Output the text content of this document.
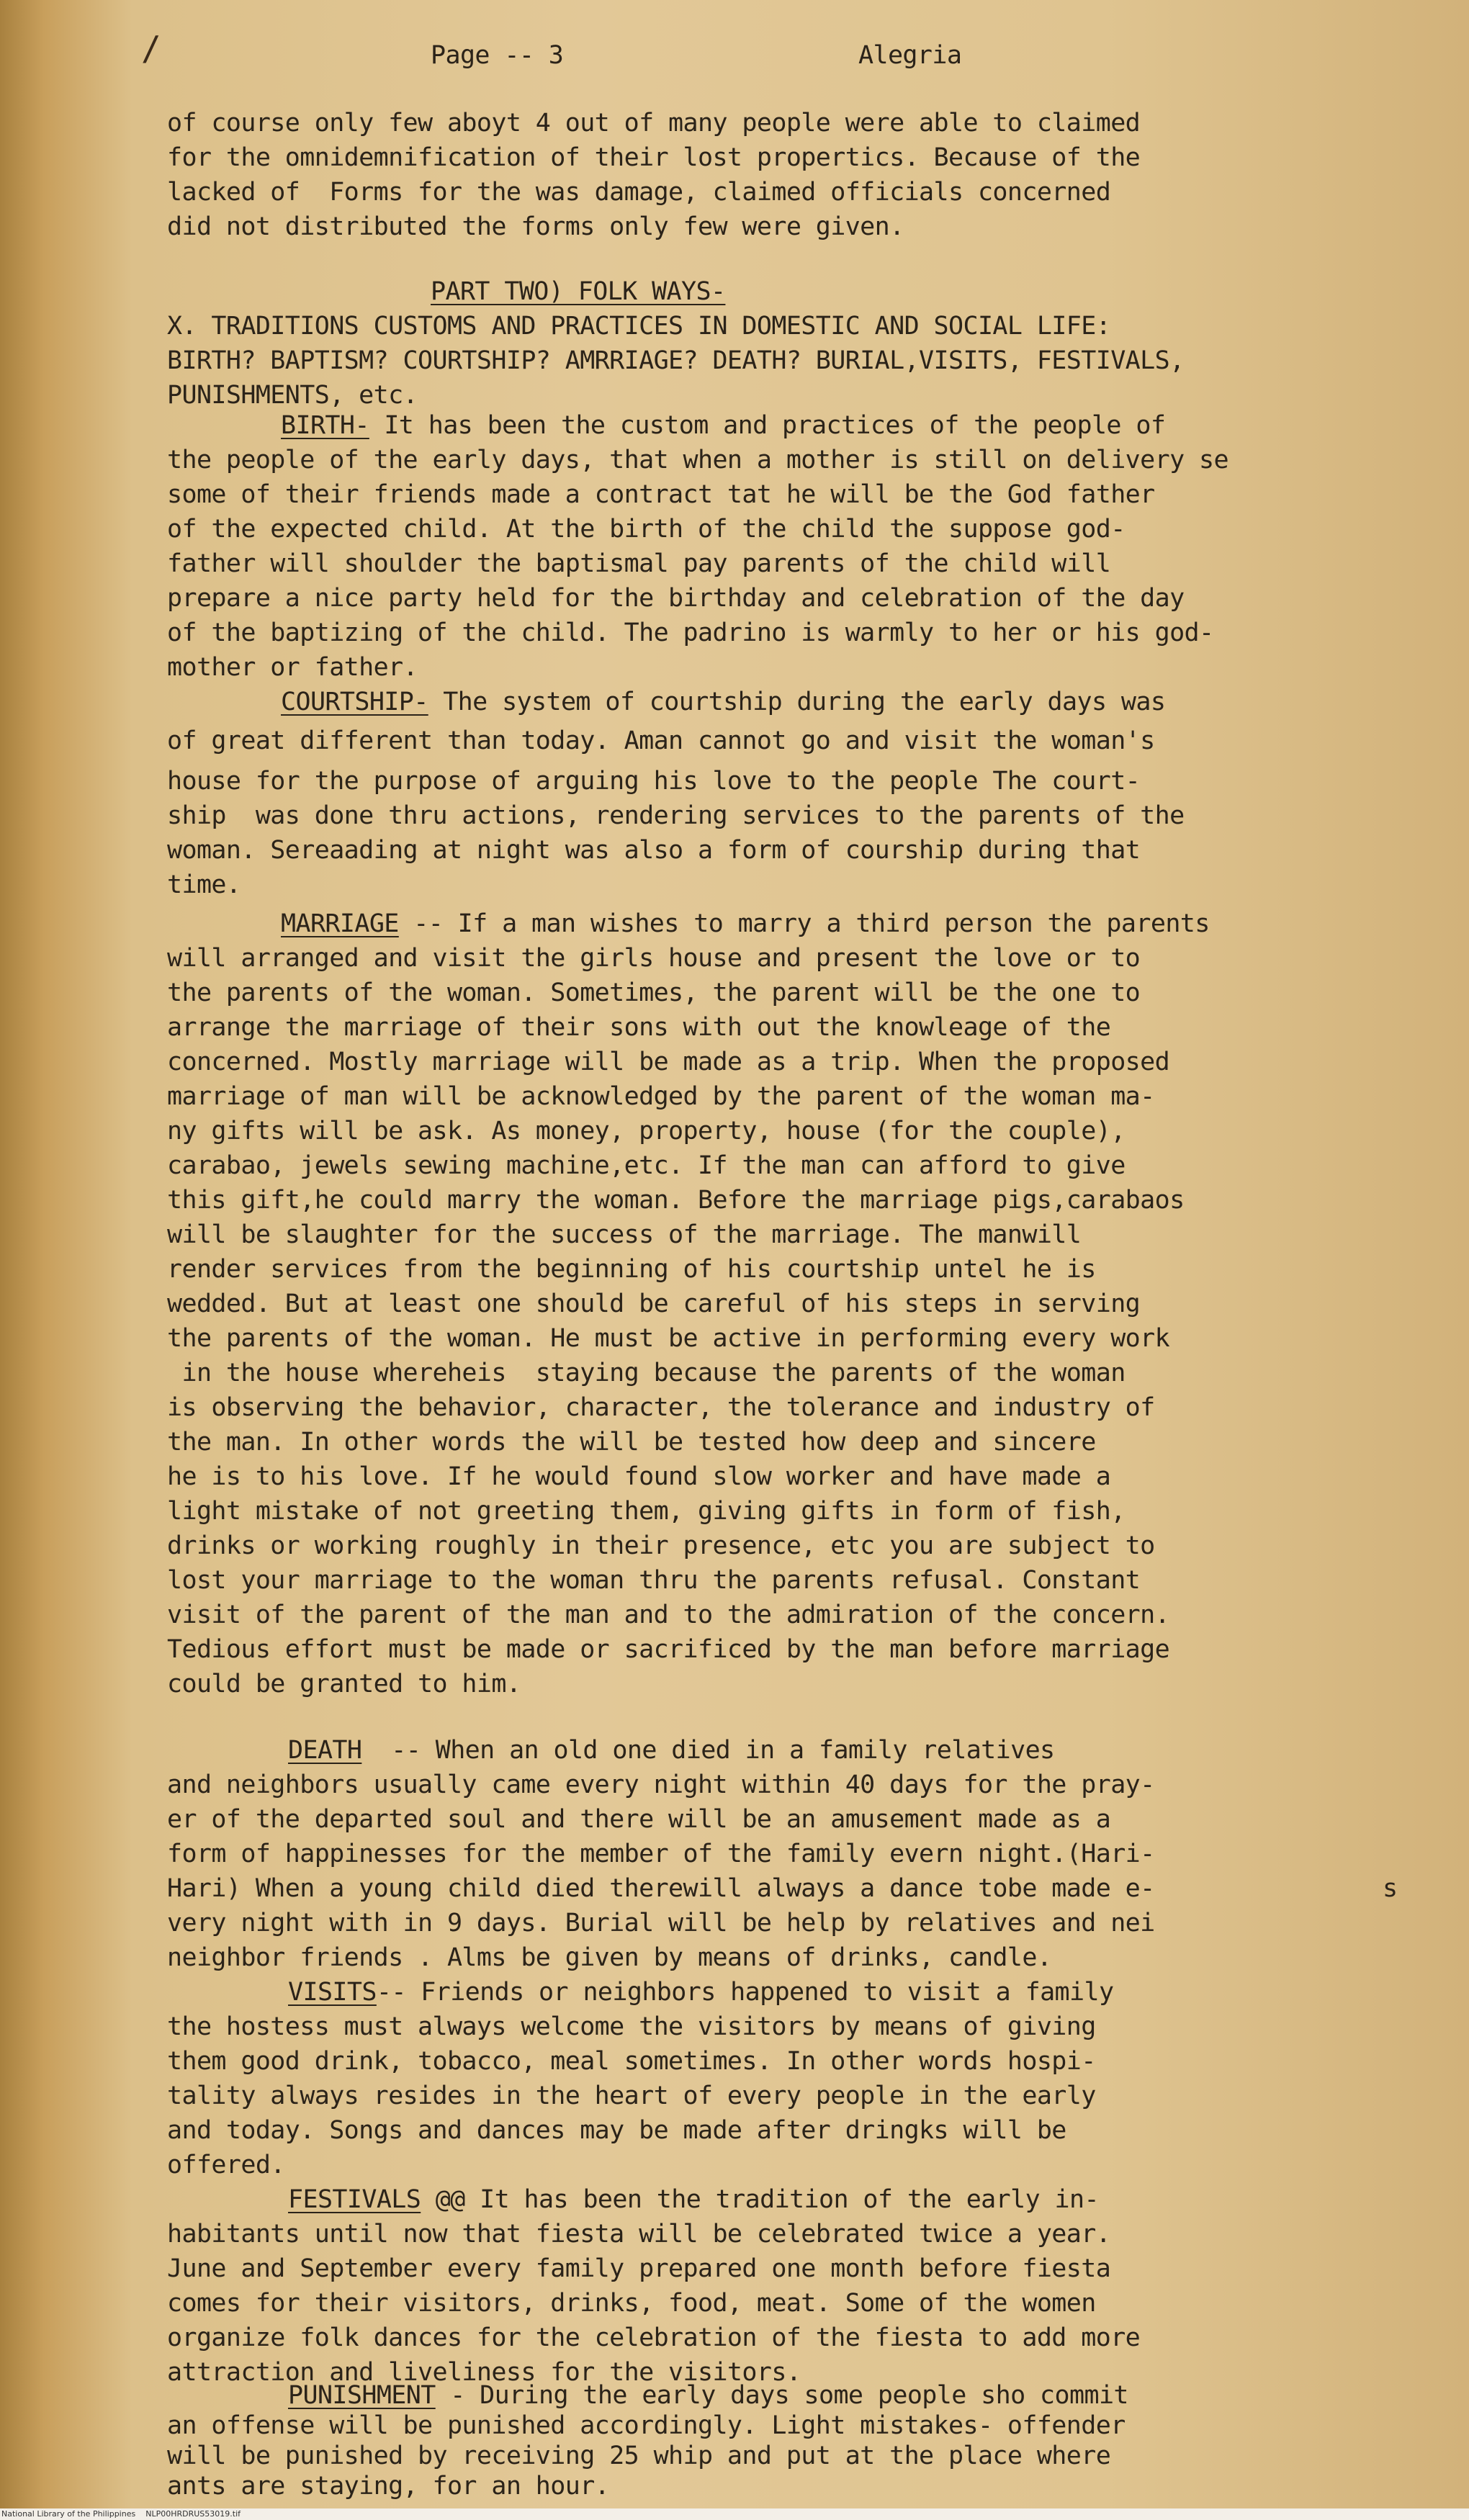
/	Page -- 3	Alegria
of course only few aboyt 4 out of many people were able to claimed
for the omnidemnification of their lost propertics. Because of the
lacked of  Forms for the was damage, claimed officials concerned
did not distributed the forms only few were given.
PART TWO) FOLK WAYS-
X. TRADITIONS CUSTOMS AND PRACTICES IN DOMESTIC AND SOCIAL LIFE:
BIRTH? BAPTISM? COURTSHIP? AMRRIAGE? DEATH? BURIAL,VISITS, FESTIVALS,
PUNISHMENTS, etc.
BIRTH- It has been the custom and practices of the people of
the people of the early days, that when a mother is still on delivery se
some of their friends made a contract tat he will be the God father
of the expected child. At the birth of the child the suppose god-
father will shoulder the baptismal pay parents of the child will
prepare a nice party held for the birthday and celebration of the day
of the baptizing of the child. The padrino is warmly to her or his god-
mother or father.
COURTSHIP- The system of courtship during the early days was
of great different than today. Aman cannot go and visit the woman's
house for the purpose of arguing his love to the people The court-
ship  was done thru actions, rendering services to the parents of the
woman. Sereaading at night was also a form of courship during that
time.
MARRIAGE -- If a man wishes to marry a third person the parents
will arranged and visit the girls house and present the love or to
the parents of the woman. Sometimes, the parent will be the one to
arrange the marriage of their sons with out the knowleage of the
concerned. Mostly marriage will be made as a trip. When the proposed
marriage of man will be acknowledged by the parent of the woman ma-
ny gifts will be ask. As money, property, house (for the couple),
carabao, jewels sewing machine,etc. If the man can afford to give
this gift,he could marry the woman. Before the marriage pigs,carabaos
will be slaughter for the success of the marriage. The manwill
render services from the beginning of his courtship untel he is
wedded. But at least one should be careful of his steps in serving
the parents of the woman. He must be active in performing every work
in the house whereheis  staying because the parents of the woman
is observing the behavior, character, the tolerance and industry of
the man. In other words the will be tested how deep and sincere
he is to his love. If he would found slow worker and have made a
light mistake of not greeting them, giving gifts in form of fish,
drinks or working roughly in their presence, etc you are subject to
lost your marriage to the woman thru the parents refusal. Constant
visit of the parent of the man and to the admiration of the concern.
Tedious effort must be made or sacrificed by the man before marriage
could be granted to him.
DEATH  -- When an old one died in a family relatives
and neighbors usually came every night within 40 days for the pray-
er of the departed soul and there will be an amusement made as a
form of happinesses for the member of the family evern night.(Hari-
Hari) When a young child died therewill always a dance tobe made e-
very night with in 9 days. Burial will be help by relatives and nei
neighbor friends . Alms be given by means of drinks, candle.
s
VISITS-- Friends or neighbors happened to visit a family
the hostess must always welcome the visitors by means of giving
them good drink, tobacco, meal sometimes. In other words hospi-
tality always resides in the heart of every people in the early
and today. Songs and dances may be made after dringks will be
offered.
FESTIVALS @@ It has been the tradition of the early in-
habitants until now that fiesta will be celebrated twice a year.
June and September every family prepared one month before fiesta
comes for their visitors, drinks, food, meat. Some of the women
organize folk dances for the celebration of the fiesta to add more
attraction and liveliness for the visitors.
PUNISHMENT - During the early days some people sho commit
an offense will be punished accordingly. Light mistakes- offender
will be punished by receiving 25 whip and put at the place where
ants are staying, for an hour.
National Library of the Philippines NLP00HRDRUS53019.tif
